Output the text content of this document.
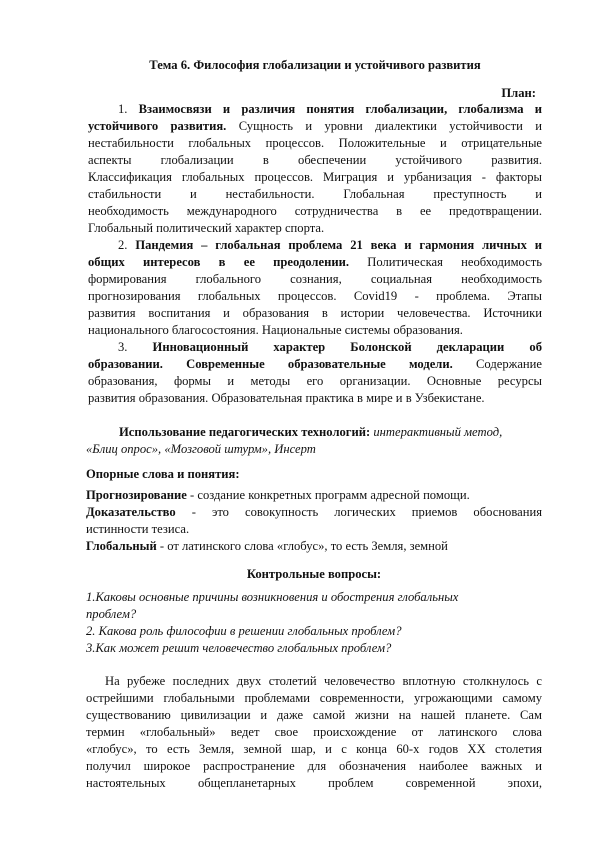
Тема 6. Философия глобализации и устойчивого развития
План:
1. Взаимосвязи и различия понятия глобализации, глобализма и
устойчивого развития. Сущность и уровни диалектики устойчивости и
нестабильности глобальных процессов. Положительные и отрицательные
аспекты глобализации в обеспечении устойчивого развития.
Классификация глобальных процессов. Миграция и урбанизация - факторы
стабильности и нестабильности. Глобальная преступность и
необходимость международного сотрудничества в ее предотвращении.
Глобальный политический характер спорта.
2. Пандемия – глобальная проблема 21 века и гармония личных и
общих интересов в ее преодолении. Политическая необходимость
формирования глобального сознания, социальная необходимость
прогнозирования глобальных процессов. Covid19 - проблема. Этапы
развития воспитания и образования в истории человечества. Источники
национального благосостояния. Национальные системы образования.
3. Инновационный характер Болонской декларации об
образовании. Современные образовательные модели. Содержание
образования, формы и методы его организации. Основные ресурсы
развития образования. Образовательная практика в мире и в Узбекистане.
Использование педагогических технологий: интерактивный метод,
«Блиц опрос», «Мозговой штурм», Инсерт
Опорные слова и понятия:
Прогнозирование - создание конкретных программ адресной помощи.
Доказательство - это совокупность логических приемов обоснования
истинности тезиса.
Глобальный - от латинского слова «глобус», то есть Земля, земной
Контрольные вопросы:
1.Каковы основные причины возникновения и обострения глобальных
проблем?
2. Какова роль философии в решении глобальных проблем?
3.Как может решит человечество глобальных проблем?
На рубеже последних двух столетий человечество вплотную столкнулось с
острейшими глобальными проблемами современности, угрожающими самому
существованию цивилизации и даже самой жизни на нашей планете. Сам
термин «глобальный» ведет свое происхождение от латинского слова
«глобус», то есть Земля, земной шар, и с конца 60-х годов XX столетия
получил широкое распространение для обозначения наиболее важных и
настоятельных общепланетарных проблем современной эпохи,
